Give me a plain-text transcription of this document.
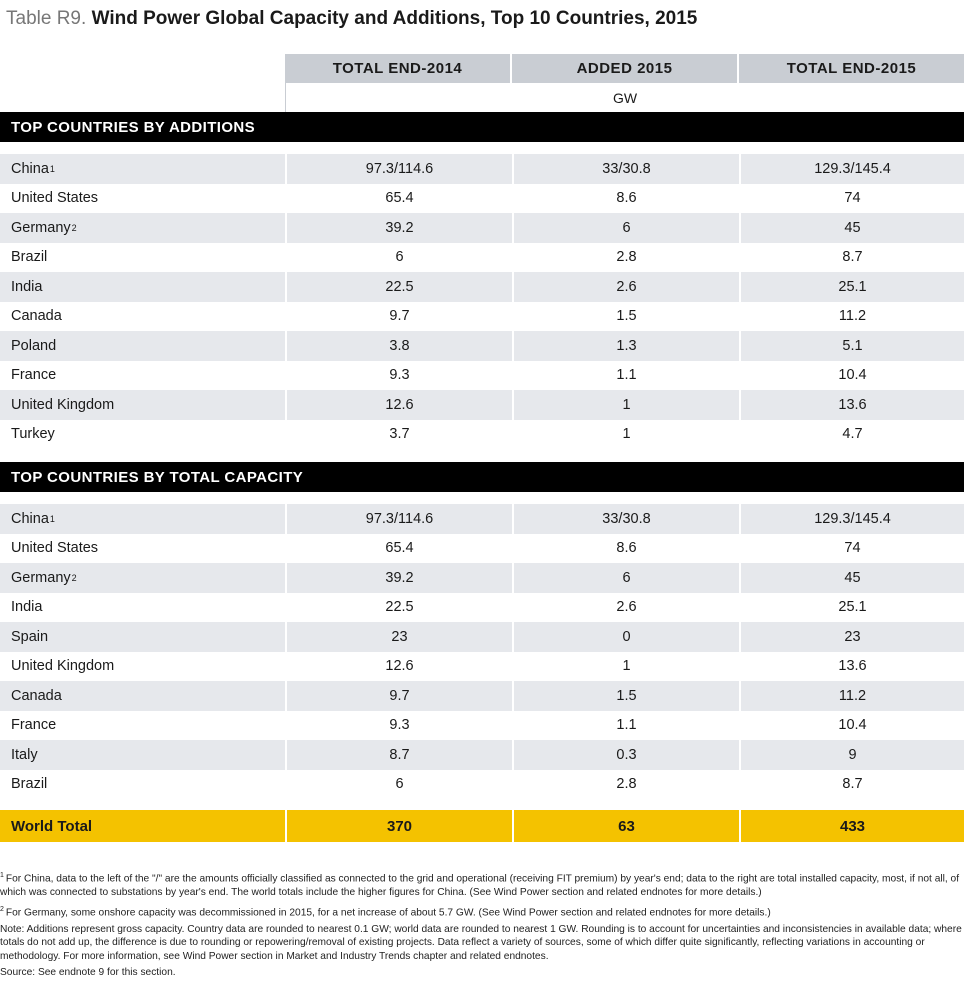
Table R9. Wind Power Global Capacity and Additions, Top 10 Countries, 2015
TOTAL END-2014	ADDED 2015	TOTAL END-2015
GW
TOP COUNTRIES BY ADDITIONS
China 1	97.3/114.6	33/30.8	129.3/145.4
United States	65.4	8.6	74
Germany 2	39.2	6	45
Brazil	6	2.8	8.7
India	22.5	2.6	25.1
Canada	9.7	1.5	11.2
Poland	3.8	1.3	5.1
France	9.3	1.1	10.4
United Kingdom	12.6	1	13.6
Turkey	3.7	1	4.7
TOP COUNTRIES BY TOTAL CAPACITY
China 1	97.3/114.6	33/30.8	129.3/145.4
United States	65.4	8.6	74
Germany 2	39.2	6	45
India	22.5	2.6	25.1
Spain	23	0	23
United Kingdom	12.6	1	13.6
Canada	9.7	1.5	11.2
France	9.3	1.1	10.4
Italy	8.7	0.3	9
Brazil	6	2.8	8.7
World Total	370	63	433

$^1$ For China, data to the left of the "/" are the amounts officially classified as connected to the grid and operational (receiving FIT premium) by year's end; data to the right are total installed capacity, most, if not all, of which was connected to substations by year's end. The world totals include the higher figures for China. (See Wind Power section and related endnotes for more details.)

$^2$ For Germany, some onshore capacity was decommissioned in 2015, for a net increase of about 5.7 GW. (See Wind Power section and related endnotes for more details.)

Note: Additions represent gross capacity. Country data are rounded to nearest 0.1 GW; world data are rounded to nearest 1 GW. Rounding is to account for uncertainties and inconsistencies in available data; where totals do not add up, the difference is due to rounding or repowering/removal of existing projects. Data reflect a variety of sources, some of which differ quite significantly, reflecting variations in accounting or methodology. For more information, see Wind Power section in Market and Industry Trends chapter and related endnotes.

Source: See endnote 9 for this section.
